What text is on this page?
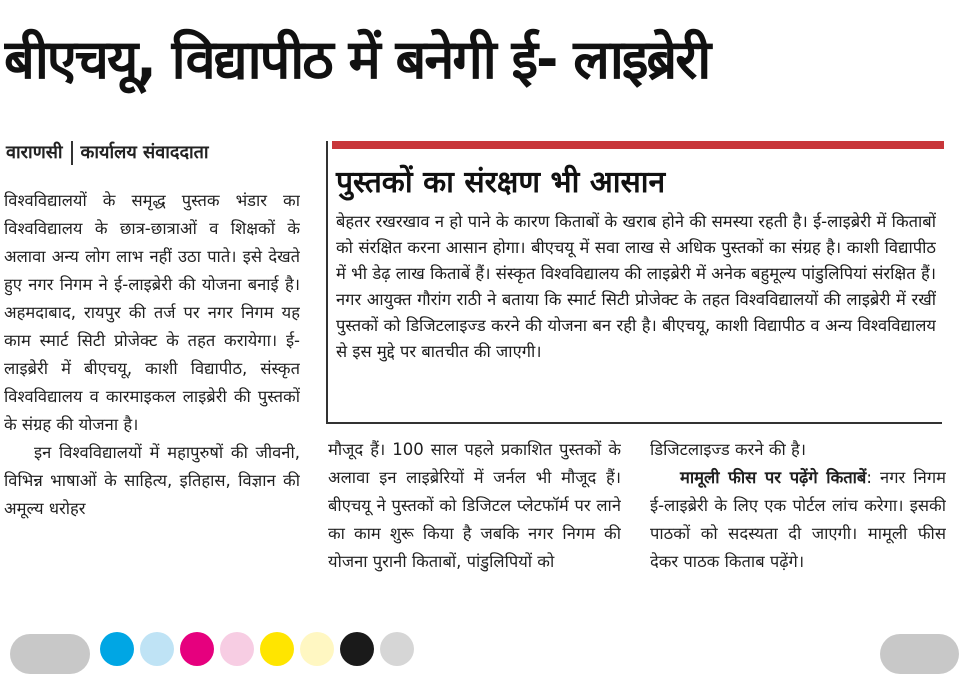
बीएचयू, विद्यापीठ में बनेगी ई- लाइब्रेरी
वाराणसी कार्यालय संवाददाता

विश्वविद्यालयों के समृद्ध पुस्तक भंडार का विश्वविद्यालय के छात्र-छात्राओं व शिक्षकों के अलावा अन्य लोग लाभ नहीं उठा पाते। इसे देखते हुए नगर निगम ने ई-लाइब्रेरी की योजना बनाई है। अहमदाबाद, रायपुर की तर्ज पर नगर निगम यह काम स्मार्ट सिटी प्रोजेक्ट के तहत करायेगा। ई-लाइब्रेरी में बीएचयू, काशी विद्यापीठ, संस्कृत विश्वविद्यालय व कारमाइकल लाइब्रेरी की पुस्तकों के संग्रह की योजना है।

इन विश्वविद्यालयों में महापुरुषों की जीवनी, विभिन्न भाषाओं के साहित्य, इतिहास, विज्ञान की अमूल्य धरोहर

पुस्तकों का संरक्षण भी आसान
बेहतर रखरखाव न हो पाने के कारण किताबों के खराब होने की समस्या रहती है। ई-लाइब्रेरी में किताबों को संरक्षित करना आसान होगा। बीएचयू में सवा लाख से अधिक पुस्तकों का संग्रह है। काशी विद्यापीठ में भी डेढ़ लाख किताबें हैं। संस्कृत विश्वविद्यालय की लाइब्रेरी में अनेक बहुमूल्य पांडुलिपियां संरक्षित हैं। नगर आयुक्त गौरांग राठी ने बताया कि स्मार्ट सिटी प्रोजेक्ट के तहत विश्वविद्यालयों की लाइब्रेरी में रखीं पुस्तकों को डिजिटलाइज्ड करने की योजना बन रही है। बीएचयू, काशी विद्यापीठ व अन्य विश्वविद्यालय से इस मुद्दे पर बातचीत की जाएगी।

मौजूद हैं। 100 साल पहले प्रकाशित पुस्तकों के अलावा इन लाइब्रेरियों में जर्नल भी मौजूद हैं। बीएचयू ने पुस्तकों को डिजिटल प्लेटफॉर्म पर लाने का काम शुरू किया है जबकि नगर निगम की योजना पुरानी किताबों, पांडुलिपियों को

डिजिटलाइज्ड करने की है।

मामूली फीस पर पढ़ेंगे किताबें: नगर निगम ई-लाइब्रेरी के लिए एक पोर्टल लांच करेगा। इसकी पाठकों को सदस्यता दी जाएगी। मामूली फीस देकर पाठक किताब पढ़ेंगे।
